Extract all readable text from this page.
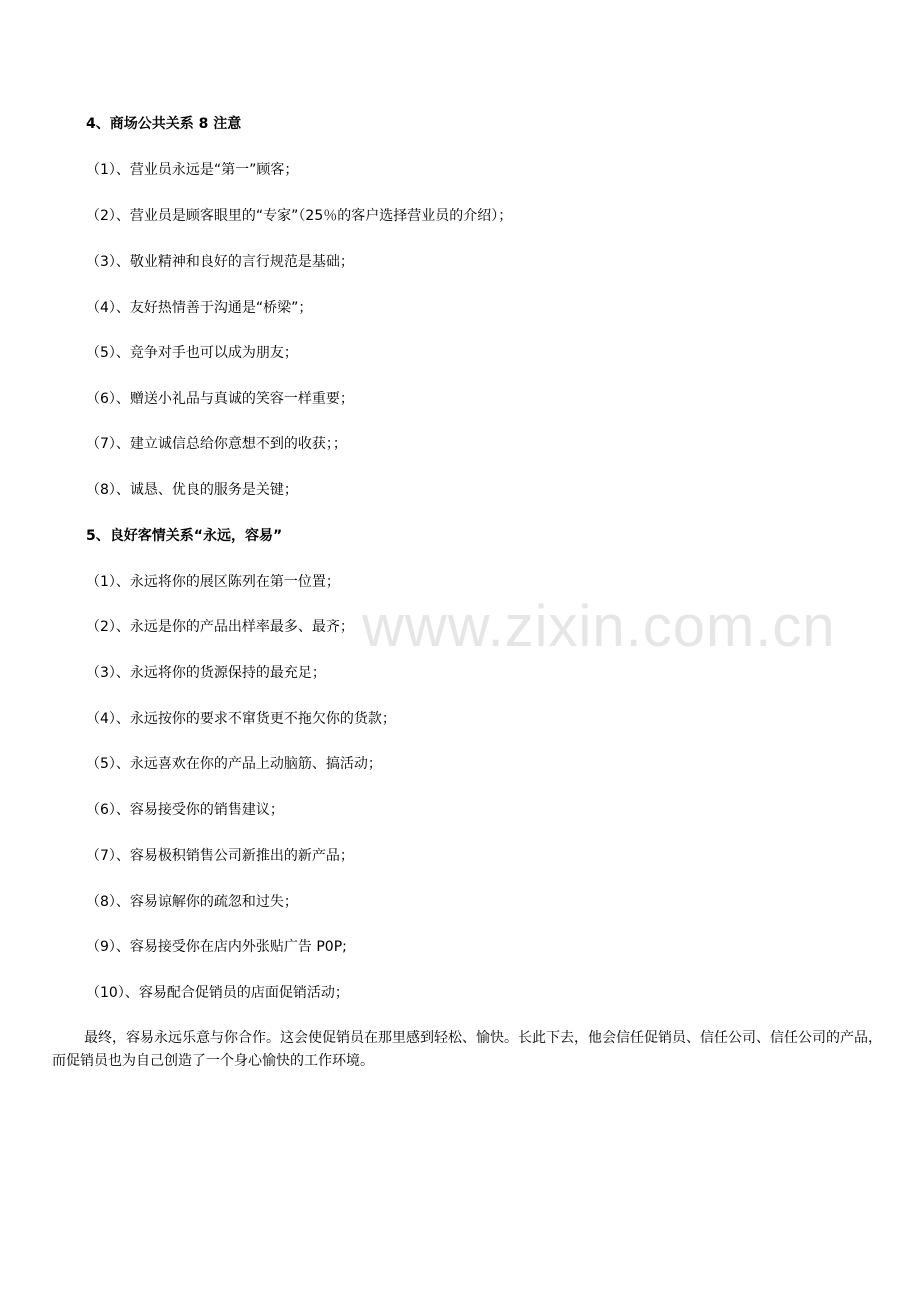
www.zixin.com.cn
4、商场公共关系 8 注意
（1）、营业员永远是“第一”顾客；
（2）、营业员是顾客眼里的“专家”（25％的客户选择营业员的介绍）；
（3）、敬业精神和良好的言行规范是基础；
（4）、友好热情善于沟通是“桥梁”；
（5）、竞争对手也可以成为朋友；
（6）、赠送小礼品与真诚的笑容一样重要；
（7）、建立诚信总给你意想不到的收获；；
（8）、诚恳、优良的服务是关键；
5、良好客情关系“永远，容易”
（1）、永远将你的展区陈列在第一位置；
（2）、永远是你的产品出样率最多、最齐；
（3）、永远将你的货源保持的最充足；
（4）、永远按你的要求不窜货更不拖欠你的货款；
（5）、永远喜欢在你的产品上动脑筋、搞活动；
（6）、容易接受你的销售建议；
（7）、容易极积销售公司新推出的新产品；
（8）、容易谅解你的疏忽和过失；
（9）、容易接受你在店内外张贴广告 P0P;
（10）、容易配合促销员的店面促销活动；
最终，容易永远乐意与你合作。这会使促销员在那里感到轻松、愉快。长此下去，他会信任促销员、信任公司、信任公司的产品，而促销员也为自己创造了一个身心愉快的工作环境。
